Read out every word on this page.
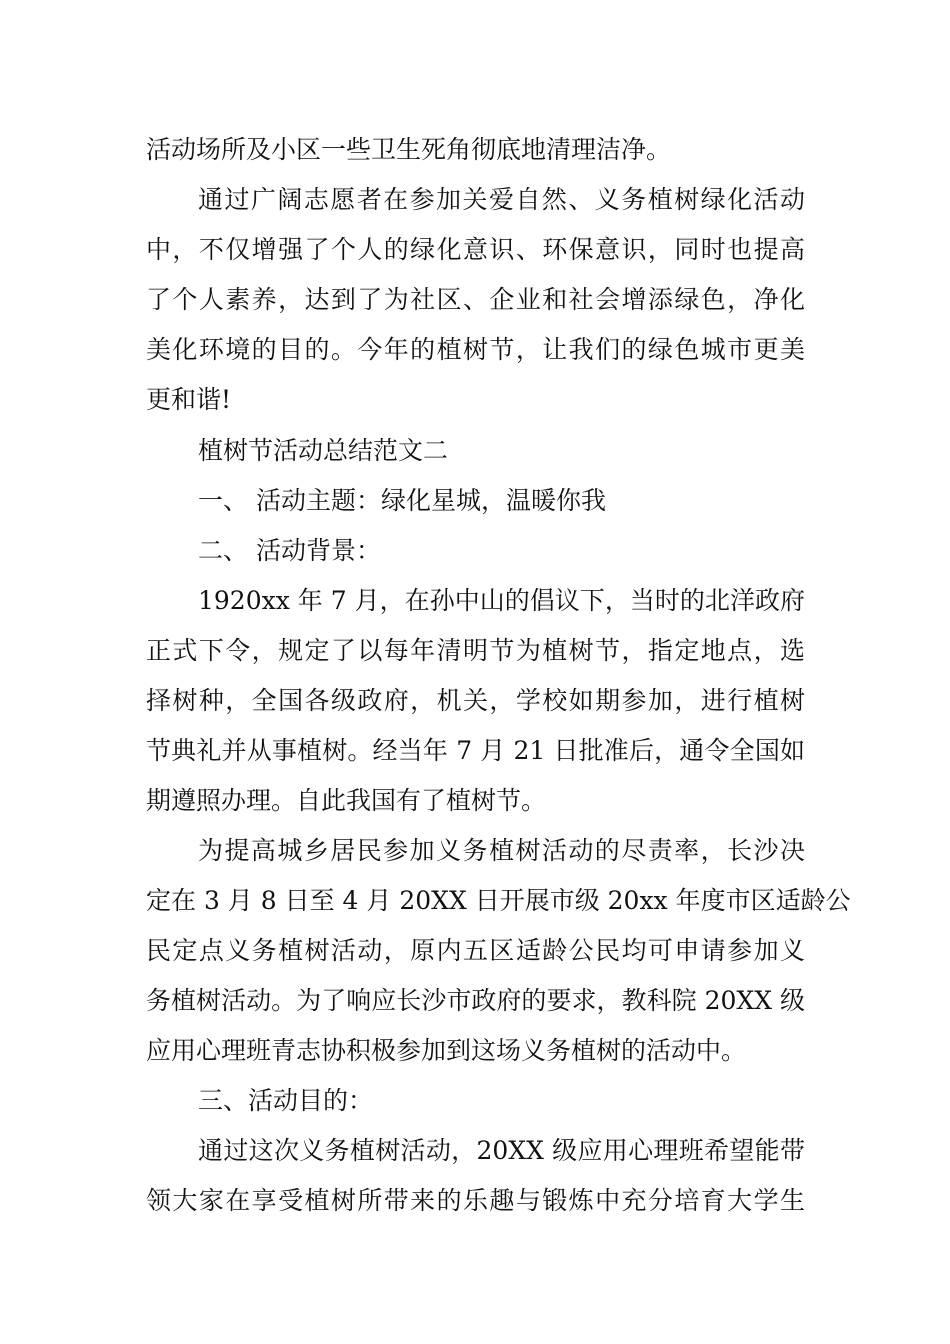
活动场所及小区一些卫生死角彻底地清理洁净。

通过广阔志愿者在参加关爱自然、义务植树绿化活动

中，不仅增强了个人的绿化意识、环保意识，同时也提高

了个人素养，达到了为社区、企业和社会增添绿色，净化

美化环境的目的。今年的植树节，让我们的绿色城市更美

更和谐!

植树节活动总结范文二

一、 活动主题：绿化星城，温暖你我

二、 活动背景：

1920xx 年 7 月，在孙中山的倡议下，当时的北洋政府

正式下令，规定了以每年清明节为植树节，指定地点，选

择树种，全国各级政府，机关，学校如期参加，进行植树

节典礼并从事植树。经当年 7 月 21 日批准后，通令全国如

期遵照办理。自此我国有了植树节。

为提高城乡居民参加义务植树活动的尽责率，长沙决

定在 3 月 8 日至 4 月 20XX 日开展市级 20xx 年度市区适龄公

民定点义务植树活动，原内五区适龄公民均可申请参加义

务植树活动。为了响应长沙市政府的要求，教科院 20XX 级

应用心理班青志协积极参加到这场义务植树的活动中。

三、活动目的：

通过这次义务植树活动，20XX 级应用心理班希望能带

领大家在享受植树所带来的乐趣与锻炼中充分培育大学生
